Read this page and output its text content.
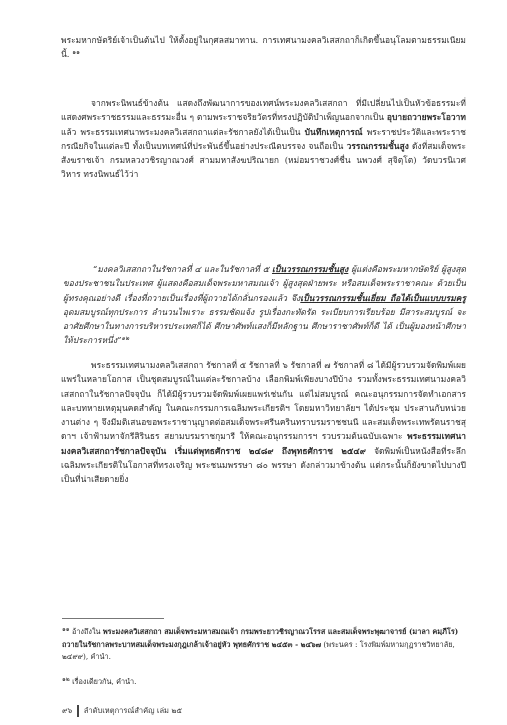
พระมหากษัตริย์เจ้าเป็นต้นไป ให้ตั้งอยู่ในกุศลสมาทาน. การเทศนามงคลวิเสสกถาก็เกิดขึ้นอนุโลมตามธรรมเนียมนี้. $^{๑๑}$

จากพระนิพนธ์ข้างต้น แสดงถึงพัฒนาการของเทศน์พระมงคลวิเสสกถา ที่มีเปลี่ยนไปเป็นหัวข้อธรรมะที่แสดงศพระราชธรรมและธรรมะอื่น ๆ ตามพระราชจริยวัตรที่ทรงปฏิบัติบำเพ็ญนอกจากเป็น อุบายถวายพระโอวาท แล้ว พระธรรมเทศนาพระมงคลวิเสสกถาแต่ละรัชกาลยังได้เป็นเป็น บันทึกเหตุการณ์ พระราชประวัติและพระราชกรณียกิจในแต่ละปี ทั้งเป็นบทเทศน์ที่ประพันธ์ขึ้นอย่างประณีตบรรจง จนถือเป็น วรรณกรรมชั้นสูง ดังที่สมเด็จพระสังฆราชเจ้า กรมหลวงวชิรญาณวงศ์ สามมหาสังฆปริณายก (หม่อมราชวงศ์ชื่น นพวงศ์ สุจิตฺโต) วัดบวรนิเวศวิหาร ทรงนิพนธ์ไว้ว่า

“มงคลวิเสสกถาในรัชกาลที่ ๔ และในรัชกาลที่ ๕ เป็นวรรณกรรมชั้นสูง ผู้แต่งคือพระมหากษัตริย์ ผู้สูงสุดของประชาชนในประเทศ ผู้แสดงคือสมเด็จพระมหาสมณเจ้า ผู้สูงสุดฝ่ายพระ หรือสมเด็จพระราชาคณะ ด้วยเป็นผู้ทรงคุณอย่างดี เรื่องที่ถวายเป็นเรื่องที่ผู้ถวายได้กลั่นกรองแล้ว จึงเป็นวรรณกรรมชั้นเยี่ยม ถือได้เป็นแบบบรมครู อุดมสมบูรณ์ทุกประการ ลำนวนไพเราะ ธรรมชัดแจ้ง รูปเรื่องกะทัดรัด ระเบียบการเรียบร้อย มีสาระสมบูรณ์ จะอาศัยศึกษาในทางการบริหารประเทศก็ได้ ศึกษาศัพท์แสงก็มีหลักฐาน ศึกษาราชาศัพท์ก็ดี ได้ เป็นผู้มองหน้าศึกษาให้ประการหนึ่ง”$^{๑๒}$

พระธรรมเทศนามงคลวิเสสกถา รัชกาลที่ ๕ รัชกาลที่ ๖ รัชกาลที่ ๗ รัชกาลที่ ๘ ได้มีผู้รวบรวมจัดพิมพ์เผยแพร่ในหลายโอกาส เป็นชุดสมบูรณ์ในแต่ละรัชกาลบ้าง เลือกพิมพ์เพียงบางปีบ้าง รวมทั้งพระธรรมเทศนามงคลวิเสสกถาในรัชกาลปัจจุบัน ก็ได้มีผู้รวบรวมจัดพิมพ์เผยแพร่เช่นกัน แต่ไม่สมบูรณ์ คณะอนุกรรมการจัดทำเอกสารและบทหายเหตุมุนคดสำคัญ ในคณะกรรมการเฉลิมพระเกียรติฯ โดยมหาวิทยาลัยฯ ได้ประชุม ประสานกับหน่วยงานต่าง ๆ จึงมีมติเสนอขอพระราชานุญาตต่อสมเด็จพระศรีนครินทราบรมราชชนนี และสมเด็จพระเทพรัตนราชสุดาฯ เจ้าฟ้ามหาจักรีสิรินธร สยามบรมราชกุมารี ให้คณะอนุกรรมการฯ รวบรวมต้นฉบับเฉพาะ พระธรรมเทศนามงคลวิเสสกถารัชกาลปัจจุบัน เริ่มแต่พุทธศักราช ๒๔๘๙ ถึงพุทธศักราช ๒๕๔๙ จัดพิมพ์เป็นหนังสือที่ระลึกเฉลิมพระเกียรติในโอกาสที่ทรงเจริญ พระชนมพรรษา ๘๐ พรรษา ดังกล่าวมาข้างต้น แต่กระนั้นก็ยังขาดไปบางปี เป็นที่น่าเสียดายยิ่ง

$^{๑๑}$ อ้างถึงใน พระมงคลวิเสสกถา สมเด็จพระมหาสมณเจ้า กรมพระยาวชิรญาณวโรรส และสมเด็จพระพุฒาจารย์ (มาลา คมฺภีโร) ถวายในรัชกาลพระบาทสมเด็จพระมงกุฎเกล้าเจ้าอยู่หัว พุทธศักราช ๒๔๕๓ - ๒๔๖๗ (พระนคร : โรงพิมพ์มหามกุฏราชวิทยาลัย, ๒๔๙๙), คำนำ.

$^{๑๒}$ เรื่องเดียวกัน, คำนำ.

๙๖ ลำดับเหตุการณ์สำคัญ เล่ม ๒๕
